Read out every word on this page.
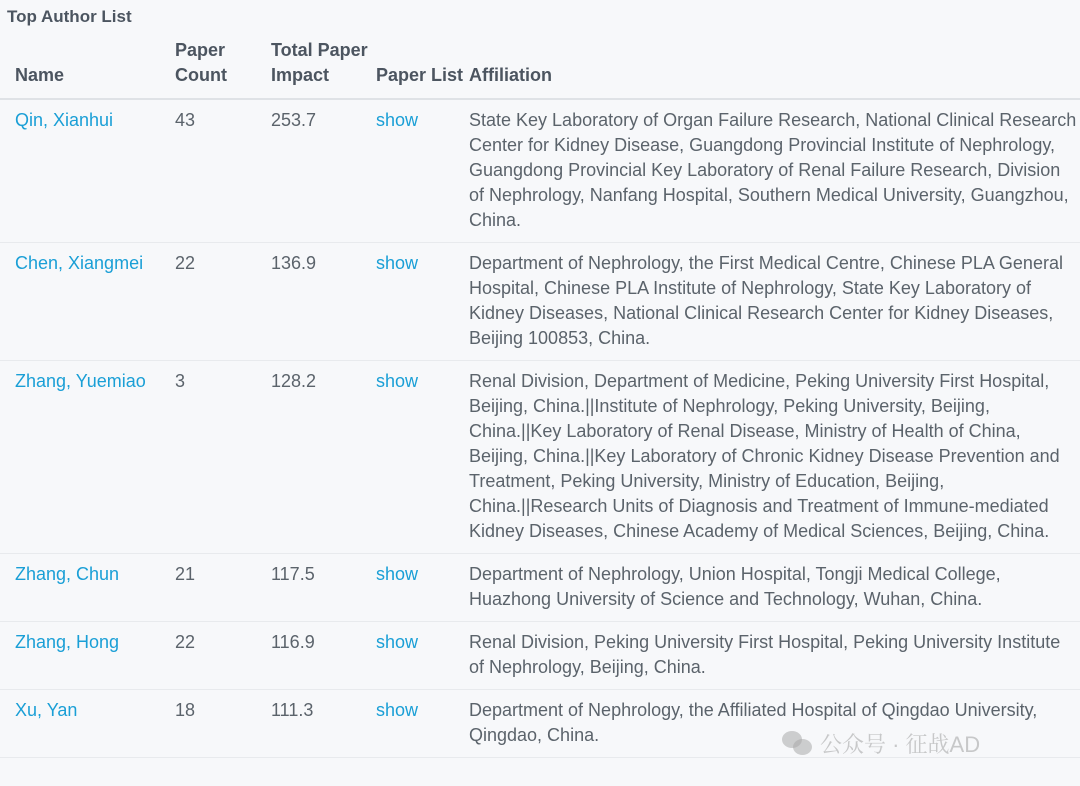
Top Author List
Name	Paper Count	Total Paper Impact	Paper List	Affiliation
Qin, Xianhui	43	253.7	show	State Key Laboratory of Organ Failure Research, National Clinical Research Center for Kidney Disease, Guangdong Provincial Institute of Nephrology, Guangdong Provincial Key Laboratory of Renal Failure Research, Division of Nephrology, Nanfang Hospital, Southern Medical University, Guangzhou, China.
Chen, Xiangmei	22	136.9	show	Department of Nephrology, the First Medical Centre, Chinese PLA General Hospital, Chinese PLA Institute of Nephrology, State Key Laboratory of Kidney Diseases, National Clinical Research Center for Kidney Diseases, Beijing 100853, China.
Zhang, Yuemiao	3	128.2	show	Renal Division, Department of Medicine, Peking University First Hospital, Beijing, China.||Institute of Nephrology, Peking University, Beijing, China.||Key Laboratory of Renal Disease, Ministry of Health of China, Beijing, China.||Key Laboratory of Chronic Kidney Disease Prevention and Treatment, Peking University, Ministry of Education, Beijing, China.||Research Units of Diagnosis and Treatment of Immune-mediated Kidney Diseases, Chinese Academy of Medical Sciences, Beijing, China.
Zhang, Chun	21	117.5	show	Department of Nephrology, Union Hospital, Tongji Medical College, Huazhong University of Science and Technology, Wuhan, China.
Zhang, Hong	22	116.9	show	Renal Division, Peking University First Hospital, Peking University Institute of Nephrology, Beijing, China.
Xu, Yan	18	111.3	show	Department of Nephrology, the Affiliated Hospital of Qingdao University, Qingdao, China.	公众号 · 征战AD
